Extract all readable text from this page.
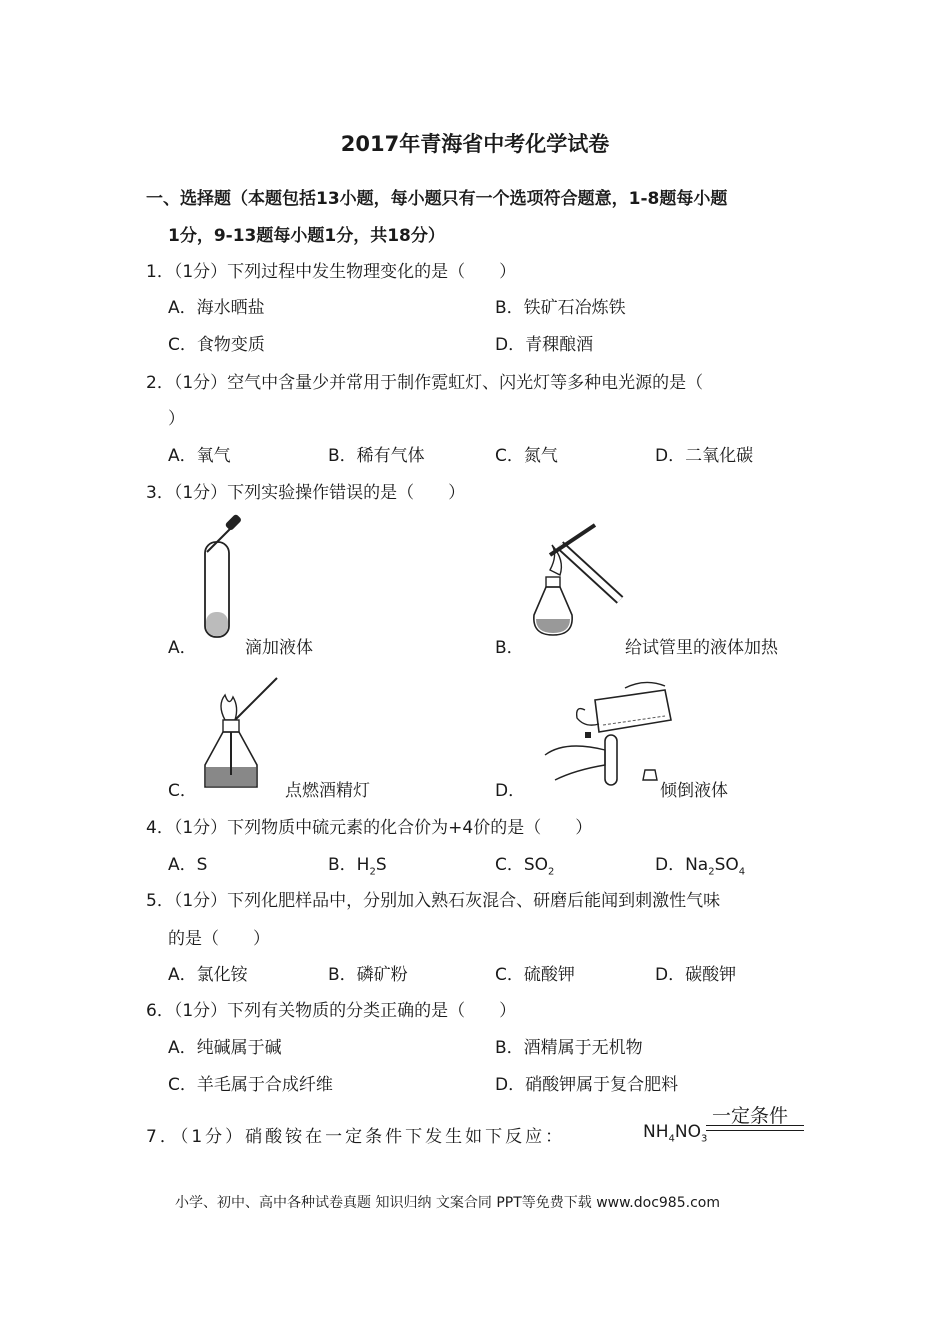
2017年青海省中考化学试卷
一、选择题（本题包括13小题，每小题只有一个选项符合题意，1-8题每小题
1分，9-13题每小题1分，共18分）
1．（1分）下列过程中发生物理变化的是（　　）
A．海水晒盐	B．铁矿石冶炼铁
C．食物变质	D．青稞酿酒
2．（1分）空气中含量少并常用于制作霓虹灯、闪光灯等多种电光源的是（
）
A．氧气	B．稀有气体	C．氮气	D．二氧化碳
3．（1分）下列实验操作错误的是（　　）
A．	滴加液体	B．	给试管里的液体加热
C．	点燃酒精灯	D．	倾倒液体
4．（1分）下列物质中硫元素的化合价为+4价的是（　　）
A．S	B．$H_2S$	C．$SO_2$	D．$Na_2SO_4$
5．（1分）下列化肥样品中，分别加入熟石灰混合、研磨后能闻到刺激性气味
的是（　　）
A．氯化铵	B．磷矿粉	C．硫酸钾	D．碳酸钾
6．（1分）下列有关物质的分类正确的是（　　）
A．纯碱属于碱	B．酒精属于无机物
C．羊毛属于合成纤维	D．硝酸钾属于复合肥料
7．（1分）硝酸铵在一定条件下发生如下反应：	$NH_4NO_3$
一定条件
小学、初中、高中各种试卷真题 知识归纳 文案合同 PPT等免费下载 www.doc985.com
